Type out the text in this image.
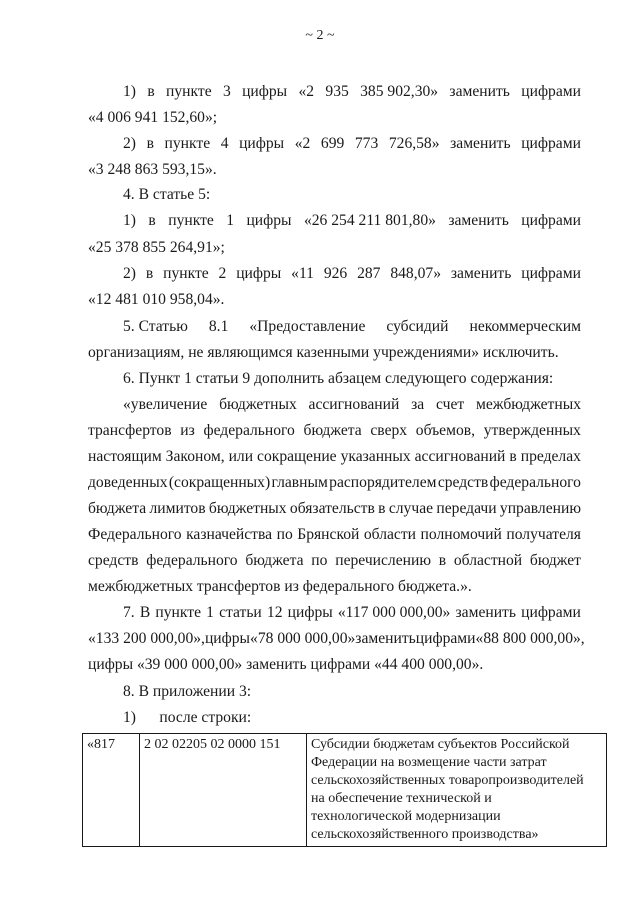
~ 2 ~
1) в пункте 3 цифры «2 935 385 902,30» заменить цифрами
«4 006 941 152,60»;
2) в пункте 4 цифры «2 699 773 726,58» заменить цифрами
«3 248 863 593,15».
4. В статье 5:
1) в пункте 1 цифры «26 254 211 801,80» заменить цифрами
«25 378 855 264,91»;
2) в пункте 2 цифры «11 926 287 848,07» заменить цифрами
«12 481 010 958,04».
5. Статью 8.1 «Предоставление субсидий некоммерческим
организациям, не являющимся казенными учреждениями» исключить.
6. Пункт 1 статьи 9 дополнить абзацем следующего содержания:
«увеличение бюджетных ассигнований за счет межбюджетных
трансфертов из федерального бюджета сверх объемов, утвержденных
настоящим Законом, или сокращение указанных ассигнований в пределах
доведенных (сокращенных) главным распорядителем средств федерального
бюджета лимитов бюджетных обязательств в случае передачи управлению
Федерального казначейства по Брянской области полномочий получателя
средств федерального бюджета по перечислению в областной бюджет
межбюджетных трансфертов из федерального бюджета.».
7. В пункте 1 статьи 12 цифры «117 000 000,00» заменить цифрами
«133 200 000,00», цифры «78 000 000,00» заменить цифрами «88 800 000,00»,
цифры «39 000 000,00» заменить цифрами «44 400 000,00».
8. В приложении 3:
1)      после строки:
«817	2 02 02205 02 0000 151	Субсидии бюджетам субъектов Российской
Федерации на возмещение части затрат
сельскохозяйственных товаропроизводителей
на обеспечение технической и
технологической модернизации
сельскохозяйственного производства»
